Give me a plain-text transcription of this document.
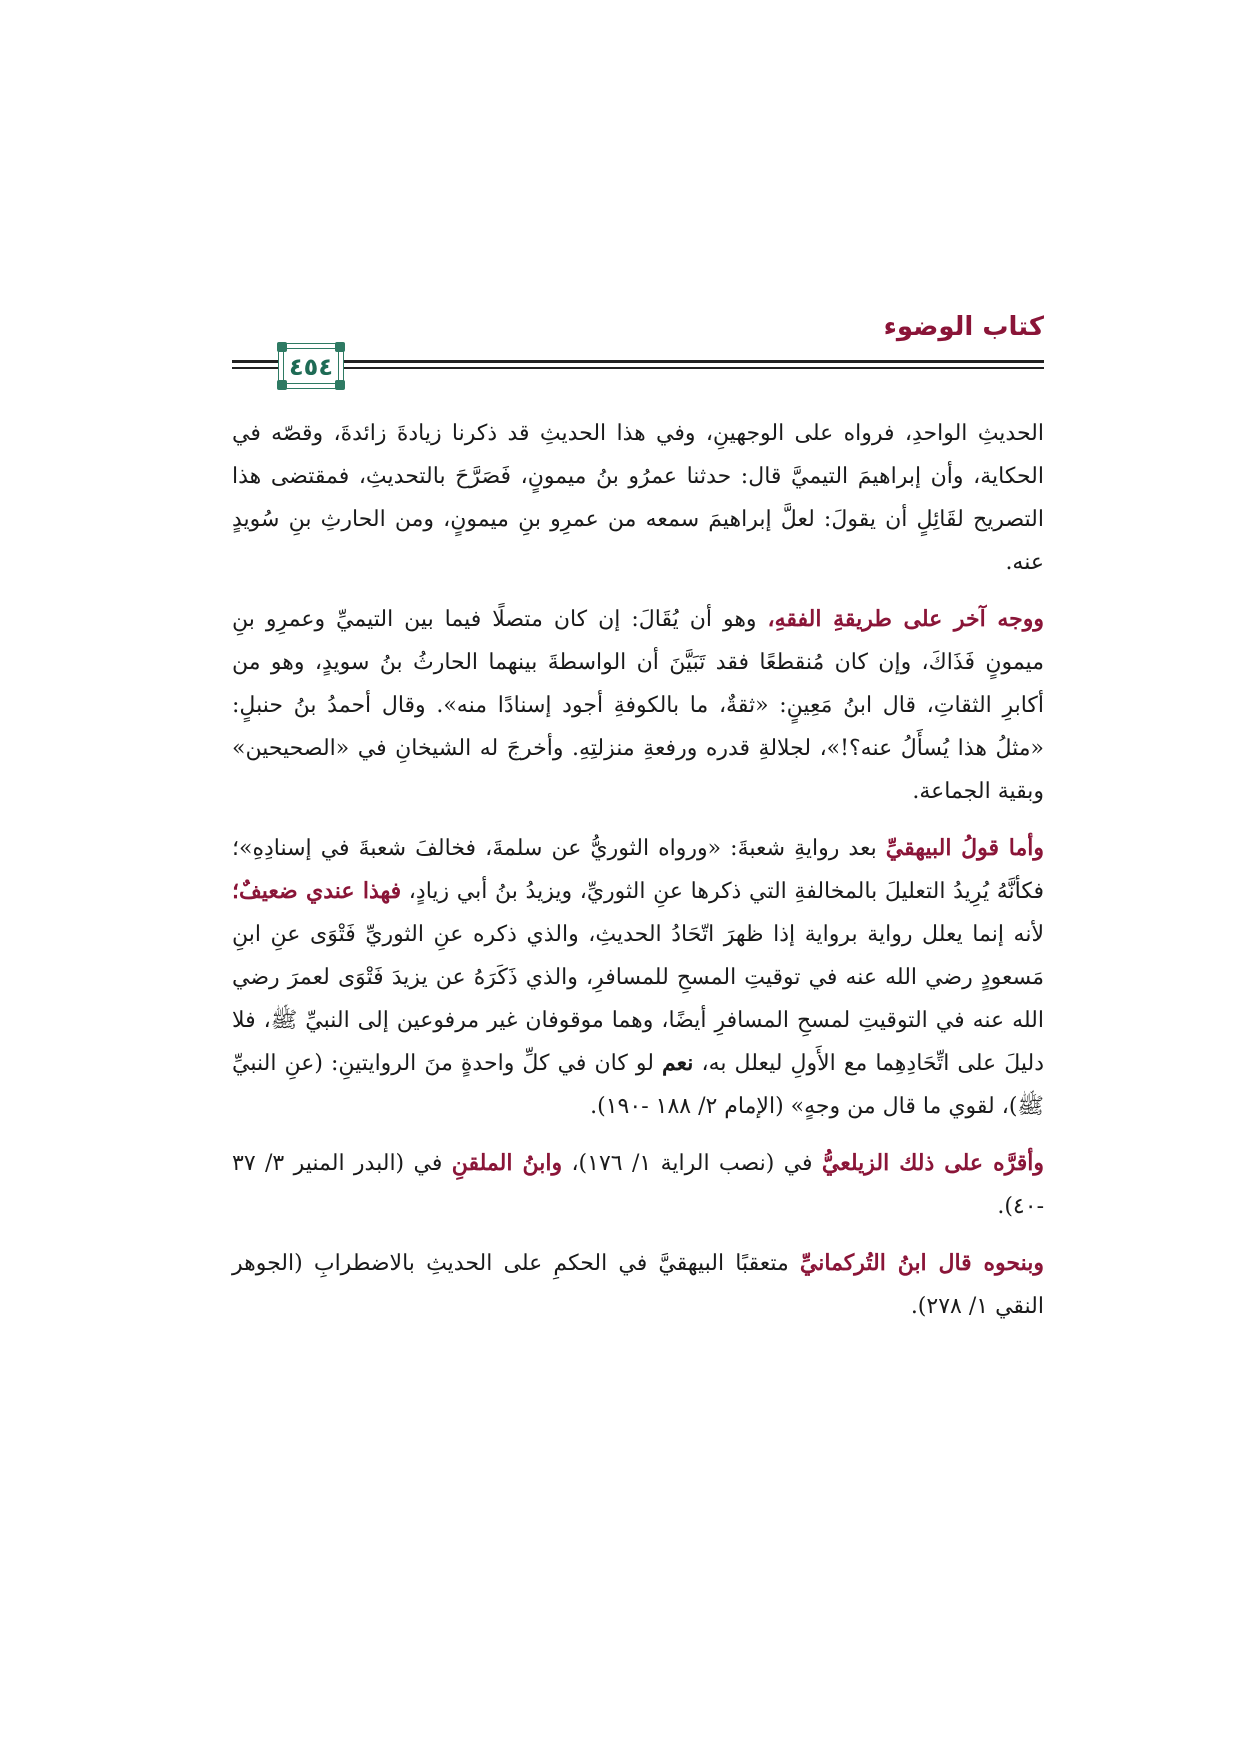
كتاب الوضوء
٤٥٤

الحديثِ الواحدِ، فرواه على الوجهينِ، وفي هذا الحديثِ قد ذكرنا زيادةَ زائدةَ، وقصّه في الحكاية، وأن إبراهيمَ التيميَّ قال: حدثنا عمرُو بنُ ميمونٍ، فَصَرَّحَ بالتحديثِ، فمقتضى هذا التصريح لقَائِلٍ أن يقولَ: لعلَّ إبراهيمَ سمعه من عمرِو بنِ ميمونٍ، ومن الحارثِ بنِ سُويدٍ عنه.

ووجه آخر على طريقةِ الفقهِ، وهو أن يُقَالَ: إن كان متصلًا فيما بين التيميِّ وعمرِو بنِ ميمونٍ فَذَاكَ، وإن كان مُنقطعًا فقد تَبَيَّنَ أن الواسطةَ بينهما الحارثُ بنُ سويدٍ، وهو من أكابرِ الثقاتِ، قال ابنُ مَعِينٍ: «ثقةٌ، ما بالكوفةِ أجود إسنادًا منه». وقال أحمدُ بنُ حنبلٍ: «مثلُ هذا يُسأَلُ عنه؟!»، لجلالةِ قدره ورفعةِ منزلتِهِ. وأخرجَ له الشيخانِ في «الصحيحين» وبقية الجماعة.

وأما قولُ البيهقيِّ بعد روايةِ شعبةَ: «ورواه الثوريُّ عن سلمةَ، فخالفَ شعبةَ في إسنادِهِ»؛ فكأنَّهُ يُرِيدُ التعليلَ بالمخالفةِ التي ذكرها عنِ الثوريِّ، ويزيدُ بنُ أبي زيادٍ، فهذا عندي ضعيفٌ؛ لأنه إنما يعلل رواية برواية إذا ظهرَ اتّحَادُ الحديثِ، والذي ذكره عنِ الثوريِّ فَتْوَى عنِ ابنِ مَسعودٍ رضي الله عنه في توقيتِ المسحِ للمسافرِ، والذي ذَكَرَهُ عن يزيدَ فَتْوَى لعمرَ رضي الله عنه في التوقيتِ لمسحِ المسافرِ أيضًا، وهما موقوفان غير مرفوعين إلى النبيِّ ﷺ، فلا دليلَ على اتِّحَادِهِما مع الأَولِ ليعلل به، نعم لو كان في كلِّ واحدةٍ منَ الروايتينِ: (عنِ النبيِّ ﷺ)، لقوي ما قال من وجهٍ» (الإمام ٢/ ١٨٨ -١٩٠).

وأقرَّه على ذلك الزيلعيُّ في (نصب الراية ١/ ١٧٦)، وابنُ الملقنِ في (البدر المنير ٣/ ٣٧ -٤٠).

وبنحوه قال ابنُ التُركمانيِّ متعقبًا البيهقيَّ في الحكمِ على الحديثِ بالاضطرابِ (الجوهر النقي ١/ ٢٧٨).
